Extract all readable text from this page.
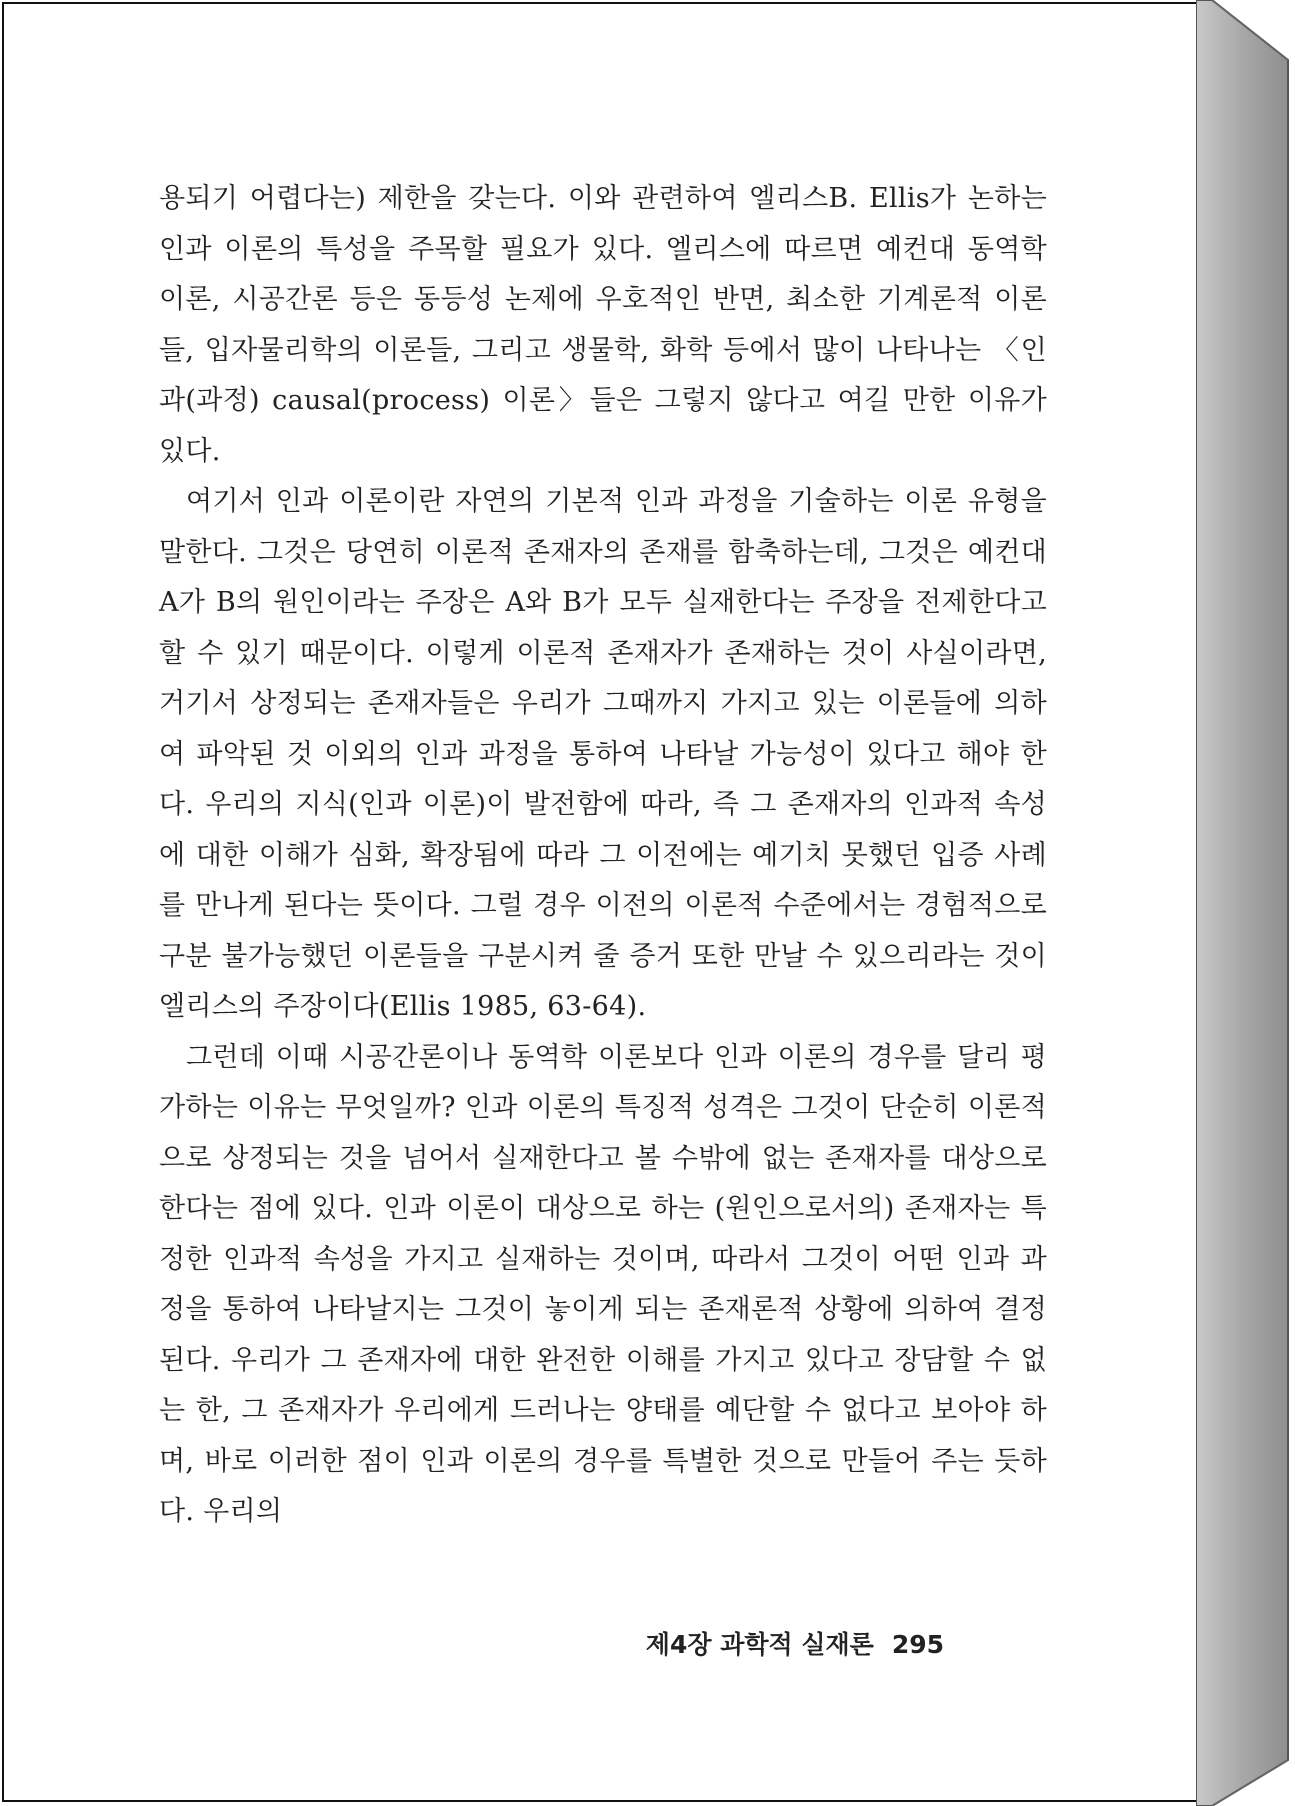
용되기 어렵다는) 제한을 갖는다. 이와 관련하여 엘리스B. Ellis가 논하는 인과 이론의 특성을 주목할 필요가 있다. 엘리스에 따르면 예컨대 동역학 이론, 시공간론 등은 동등성 논제에 우호적인 반면, 최소한 기계론적 이론들, 입자물리학의 이론들, 그리고 생물학, 화학 등에서 많이 나타나는 〈인과(과정) causal(process) 이론〉들은 그렇지 않다고 여길 만한 이유가 있다.

여기서 인과 이론이란 자연의 기본적 인과 과정을 기술하는 이론 유형을 말한다. 그것은 당연히 이론적 존재자의 존재를 함축하는데, 그것은 예컨대 A가 B의 원인이라는 주장은 A와 B가 모두 실재한다는 주장을 전제한다고 할 수 있기 때문이다. 이렇게 이론적 존재자가 존재하는 것이 사실이라면, 거기서 상정되는 존재자들은 우리가 그때까지 가지고 있는 이론들에 의하여 파악된 것 이외의 인과 과정을 통하여 나타날 가능성이 있다고 해야 한다. 우리의 지식(인과 이론)이 발전함에 따라, 즉 그 존재자의 인과적 속성에 대한 이해가 심화, 확장됨에 따라 그 이전에는 예기치 못했던 입증 사례를 만나게 된다는 뜻이다. 그럴 경우 이전의 이론적 수준에서는 경험적으로 구분 불가능했던 이론들을 구분시켜 줄 증거 또한 만날 수 있으리라는 것이 엘리스의 주장이다(Ellis 1985, 63-64).

그런데 이때 시공간론이나 동역학 이론보다 인과 이론의 경우를 달리 평가하는 이유는 무엇일까? 인과 이론의 특징적 성격은 그것이 단순히 이론적으로 상정되는 것을 넘어서 실재한다고 볼 수밖에 없는 존재자를 대상으로 한다는 점에 있다. 인과 이론이 대상으로 하는 (원인으로서의) 존재자는 특정한 인과적 속성을 가지고 실재하는 것이며, 따라서 그것이 어떤 인과 과정을 통하여 나타날지는 그것이 놓이게 되는 존재론적 상황에 의하여 결정된다. 우리가 그 존재자에 대한 완전한 이해를 가지고 있다고 장담할 수 없는 한, 그 존재자가 우리에게 드러나는 양태를 예단할 수 없다고 보아야 하며, 바로 이러한 점이 인과 이론의 경우를 특별한 것으로 만들어 주는 듯하다. 우리의

제4장 과학적 실재론 295
